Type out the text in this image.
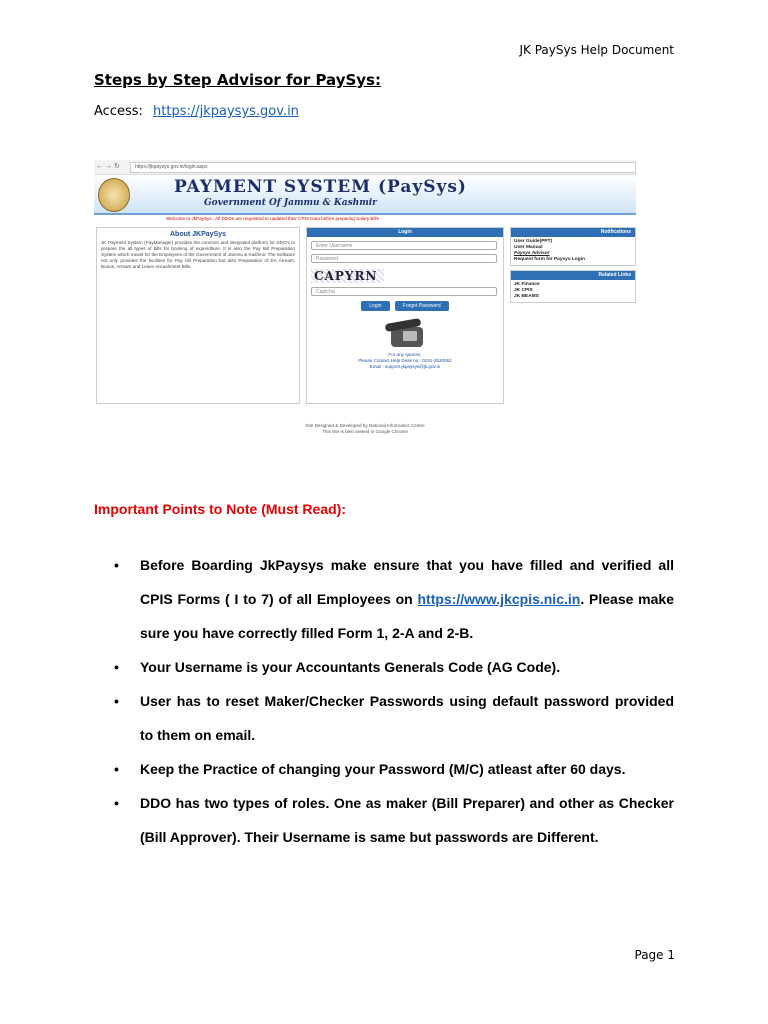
JK PaySys Help Document
Steps by Step Advisor for PaySys:
Access: https://jkpaysys.gov.in
←→↻	https://jkpaysys.gov.in/login.aspx
PAYMENT SYSTEM (PaySys)
Government Of Jammu & Kashmir
Welcome to JkPaySys.. All DDOs are requested to updated their CPIS Data before preparing Salary Bills
About JKPaySys

JK Payment System (PayManager) provides the common and integrated platform for DDO's to prepare the all types of bills for booking of expenditure. It is also the Pay Bill Preparation System which meant for the Employees of the Government of Jammu & Kashmir. The Software not only provides the facilities for Pay bill Preparation but also Preparation of DA Arrears, Bonus, Arrears and Leave encashment Bills.

Login
Enter Username
Password
CAPYRN
Captcha
Login	Forget Password
For any queries,
Please Contact Help Desk no.: 0191-2520552
Email : support.jkpaysys@jk.gov.in
Notifications
User Guide(PPT)
User Manual
Paysys Advisor
Request form for Paysys Login
Related Links
JK Finance
JK CPIS
JK BEAMS
Site Designed & Developed by National Informatics Centre
This site is best viewed in Google Chrome
Important Points to Note (Must Read):
• Before Boarding JkPaysys make ensure that you have filled and verified all CPIS Forms ( I to 7) of all Employees on https://www.jkcpis.nic.in. Please make sure you have correctly filled Form 1, 2-A and 2-B.
• Your Username is your Accountants Generals Code (AG Code).
• User has to reset Maker/Checker Passwords using default password provided to them on email.
• Keep the Practice of changing your Password (M/C) atleast after 60 days.
• DDO has two types of roles. One as maker (Bill Preparer) and other as Checker (Bill Approver). Their Username is same but passwords are Different.
Page 1
